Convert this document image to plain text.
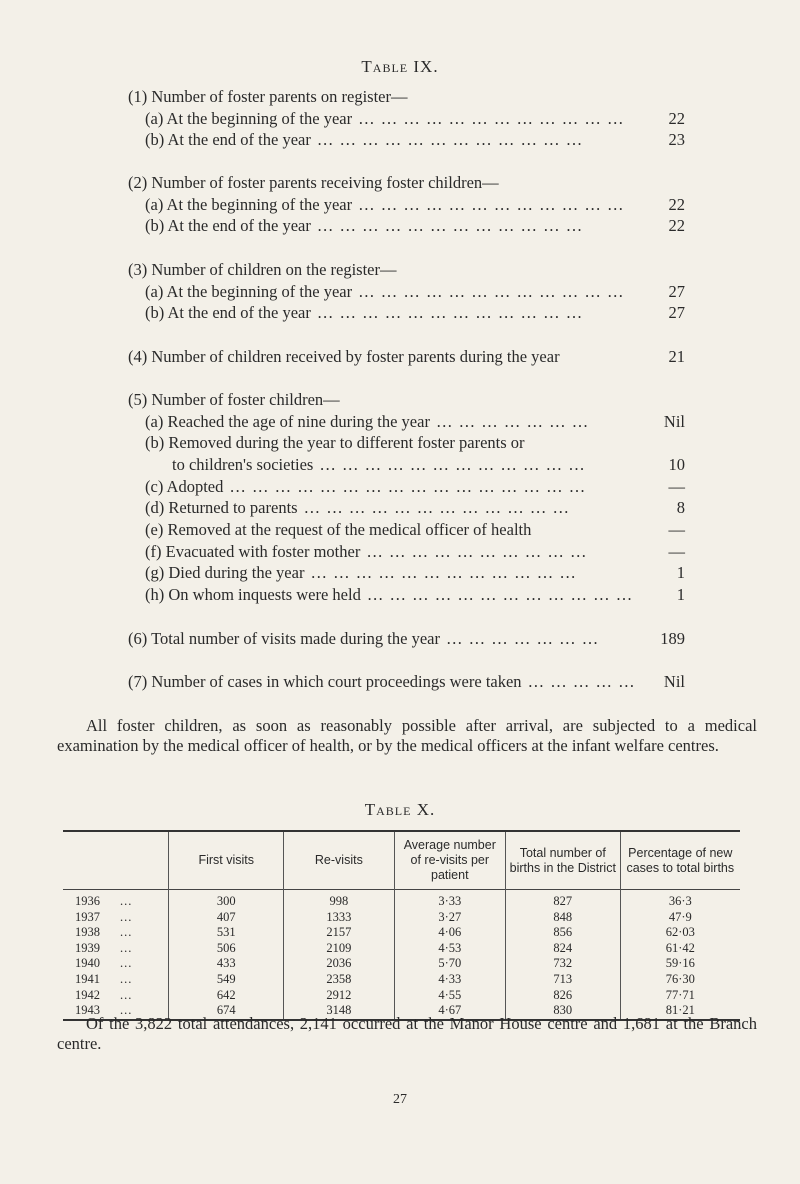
Table IX.
(1) Number of foster parents on register—
(a) At the beginning of the year … … … … … … … … … … … …	22
(b) At the end of the year … … … … … … … … … … … …	23
(2) Number of foster parents receiving foster children—
(a) At the beginning of the year … … … … … … … … … … … …	22
(b) At the end of the year … … … … … … … … … … … …	22
(3) Number of children on the register—
(a) At the beginning of the year … … … … … … … … … … … …	27
(b) At the end of the year … … … … … … … … … … … …	27
(4) Number of children received by foster parents during the year	21
(5) Number of foster children—
(a) Reached the age of nine during the year … … … … … … …	Nil
(b) Removed during the year to different foster parents or
to children's societies … … … … … … … … … … … …	10
(c) Adopted … … … … … … … … … … … … … … … …	—
(d) Returned to parents … … … … … … … … … … … …	8
(e) Removed at the request of the medical officer of health	—
(f) Evacuated with foster mother … … … … … … … … … …	—
(g) Died during the year … … … … … … … … … … … …	1
(h) On whom inquests were held … … … … … … … … … … … …	1
(6) Total number of visits made during the year … … … … … … …	189
(7) Number of cases in which court proceedings were taken … … … … …	Nil
All foster children, as soon as reasonably possible after arrival, are subjected to a medical examination by the medical officer of health, or by the medical officers at the infant welfare centres.
Table X.
	First visits	Re-visits	Average number of re-visits per patient	Total number of births in the District	Percentage of new cases to total births
1936 ...	300	998	3·33	827	36·3
1937 ...	407	1333	3·27	848	47·9
1938 ...	531	2157	4·06	856	62·03
1939 ...	506	2109	4·53	824	61·42
1940 ...	433	2036	5·70	732	59·16
1941 ...	549	2358	4·33	713	76·30
1942 ...	642	2912	4·55	826	77·71
1943 ...	674	3148	4·67	830	81·21
Of the 3,822 total attendances, 2,141 occurred at the Manor House centre and 1,681 at the Branch centre.
27
